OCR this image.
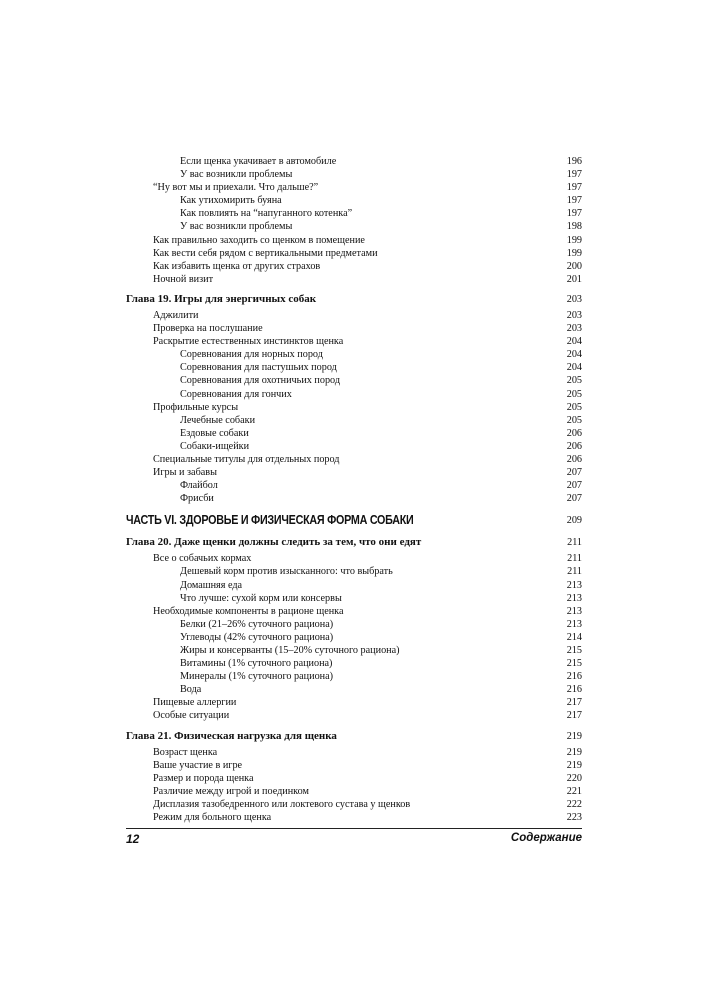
Если щенка укачивает в автомобиле	196
У вас возникли проблемы	197
“Ну вот мы и приехали. Что дальше?”	197
Как утихомирить буяна	197
Как повлиять на “напуганного котенка”	197
У вас возникли проблемы	198
Как правильно заходить со щенком в помещение	199
Как вести себя рядом с вертикальными предметами	199
Как избавить щенка от других страхов	200
Ночной визит	201
Глава 19. Игры для энергичных собак	203
Аджилити	203
Проверка на послушание	203
Раскрытие естественных инстинктов щенка	204
Соревнования для норных пород	204
Соревнования для пастушьих пород	204
Соревнования для охотничьих пород	205
Соревнования для гончих	205
Профильные курсы	205
Лечебные собаки	205
Ездовые собаки	206
Собаки-ищейки	206
Специальные титулы для отдельных пород	206
Игры и забавы	207
Флайбол	207
Фрисби	207
ЧАСТЬ VI. ЗДОРОВЬЕ И ФИЗИЧЕСКАЯ ФОРМА СОБАКИ	209
Глава 20. Даже щенки должны следить за тем, что они едят	211
Все о собачьих кормах	211
Дешевый корм против изысканного: что выбрать	211
Домашняя еда	213
Что лучше: сухой корм или консервы	213
Необходимые компоненты в рационе щенка	213
Белки (21–26% суточного рациона)	213
Углеводы (42% суточного рациона)	214
Жиры и консерванты (15–20% суточного рациона)	215
Витамины (1% суточного рациона)	215
Минералы (1% суточного рациона)	216
Вода	216
Пищевые аллергии	217
Особые ситуации	217
Глава 21. Физическая нагрузка для щенка	219
Возраст щенка	219
Ваше участие в игре	219
Размер и порода щенка	220
Различие между игрой и поединком	221
Дисплазия тазобедренного или локтевого сустава у щенков	222
Режим для больного щенка	223
12	Содержание
